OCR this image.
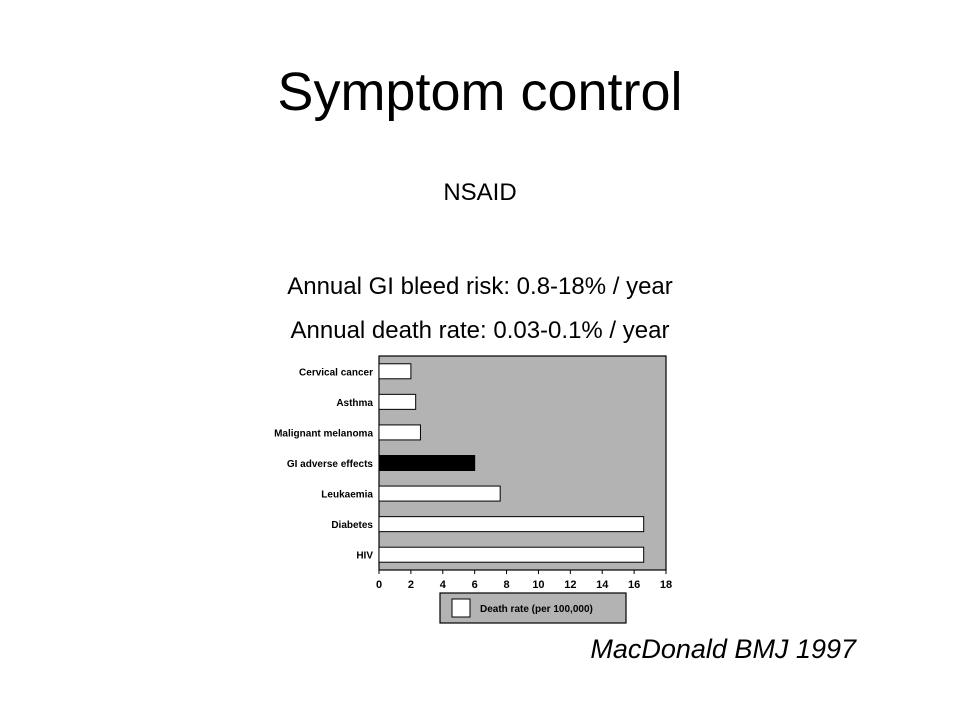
Symptom control
NSAID
Annual GI bleed risk: 0.8-18% / year
Annual death rate: 0.03-0.1% / year
Cervical cancer
Asthma
Malignant melanoma
GI adverse effects
Leukaemia
Diabetes
HIV
0 2 4 6 8 10 12 14 16 18
Death rate (per 100,000)
MacDonald BMJ 1997
